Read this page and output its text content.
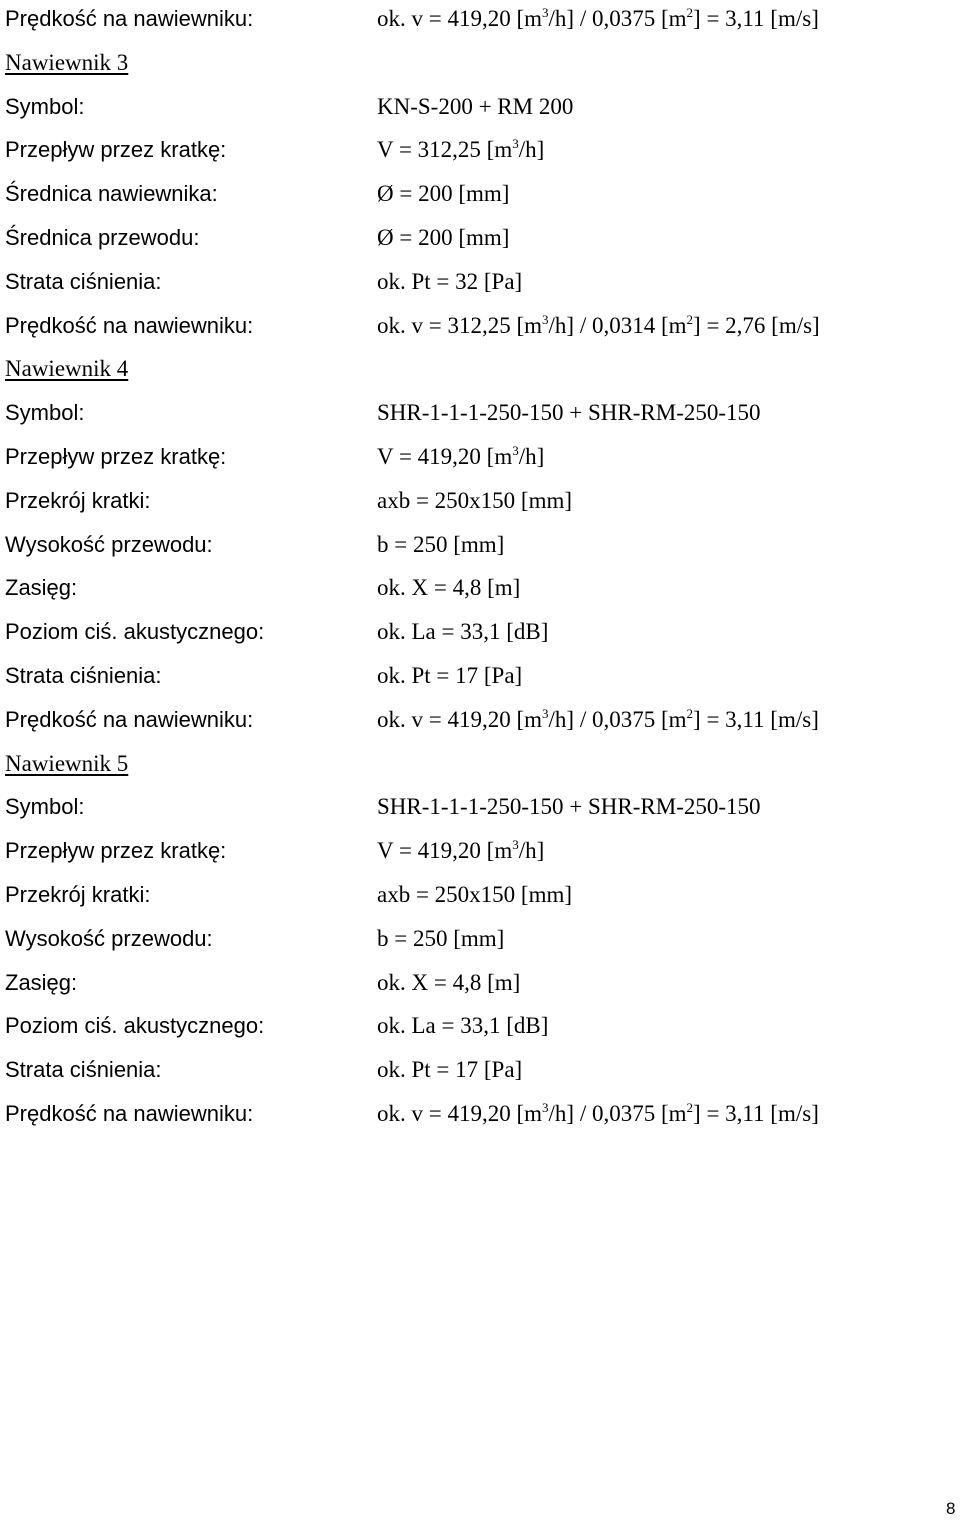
Prędkość na nawiewniku:	ok. v = 419,20 $[m^3/h] / 0,0375$ $[m^2] = 3,11$ [m/s]
Nawiewnik 3
Symbol:	KN-S-200 + RM 200
Przepływ przez kratkę:	V = 312,25 $[m^3/h]$
Średnica nawiewnika:	Ø = 200 [mm]
Średnica przewodu:	Ø = 200 [mm]
Strata ciśnienia:	ok. Pt = 32 [Pa]
Prędkość na nawiewniku:	ok. v = 312,25 $[m^3/h] / 0,0314$ $[m^2] = 2,76$ [m/s]
Nawiewnik 4
Symbol:	SHR-1-1-1-250-150 + SHR-RM-250-150
Przepływ przez kratkę:	V = 419,20 $[m^3/h]$
Przekrój kratki:	axb = 250x150 [mm]
Wysokość przewodu:	b = 250 [mm]
Zasięg:	ok. X = 4,8 [m]
Poziom ciś. akustycznego:	ok. La = 33,1 [dB]
Strata ciśnienia:	ok. Pt = 17 [Pa]
Prędkość na nawiewniku:	ok. v = 419,20 $[m^3/h] / 0,0375$ $[m^2] = 3,11$ [m/s]
Nawiewnik 5
Symbol:	SHR-1-1-1-250-150 + SHR-RM-250-150
Przepływ przez kratkę:	V = 419,20 $[m^3/h]$
Przekrój kratki:	axb = 250x150 [mm]
Wysokość przewodu:	b = 250 [mm]
Zasięg:	ok. X = 4,8 [m]
Poziom ciś. akustycznego:	ok. La = 33,1 [dB]
Strata ciśnienia:	ok. Pt = 17 [Pa]
Prędkość na nawiewniku:	ok. v = 419,20 $[m^3/h] / 0,0375$ $[m^2] = 3,11$ [m/s]
8
